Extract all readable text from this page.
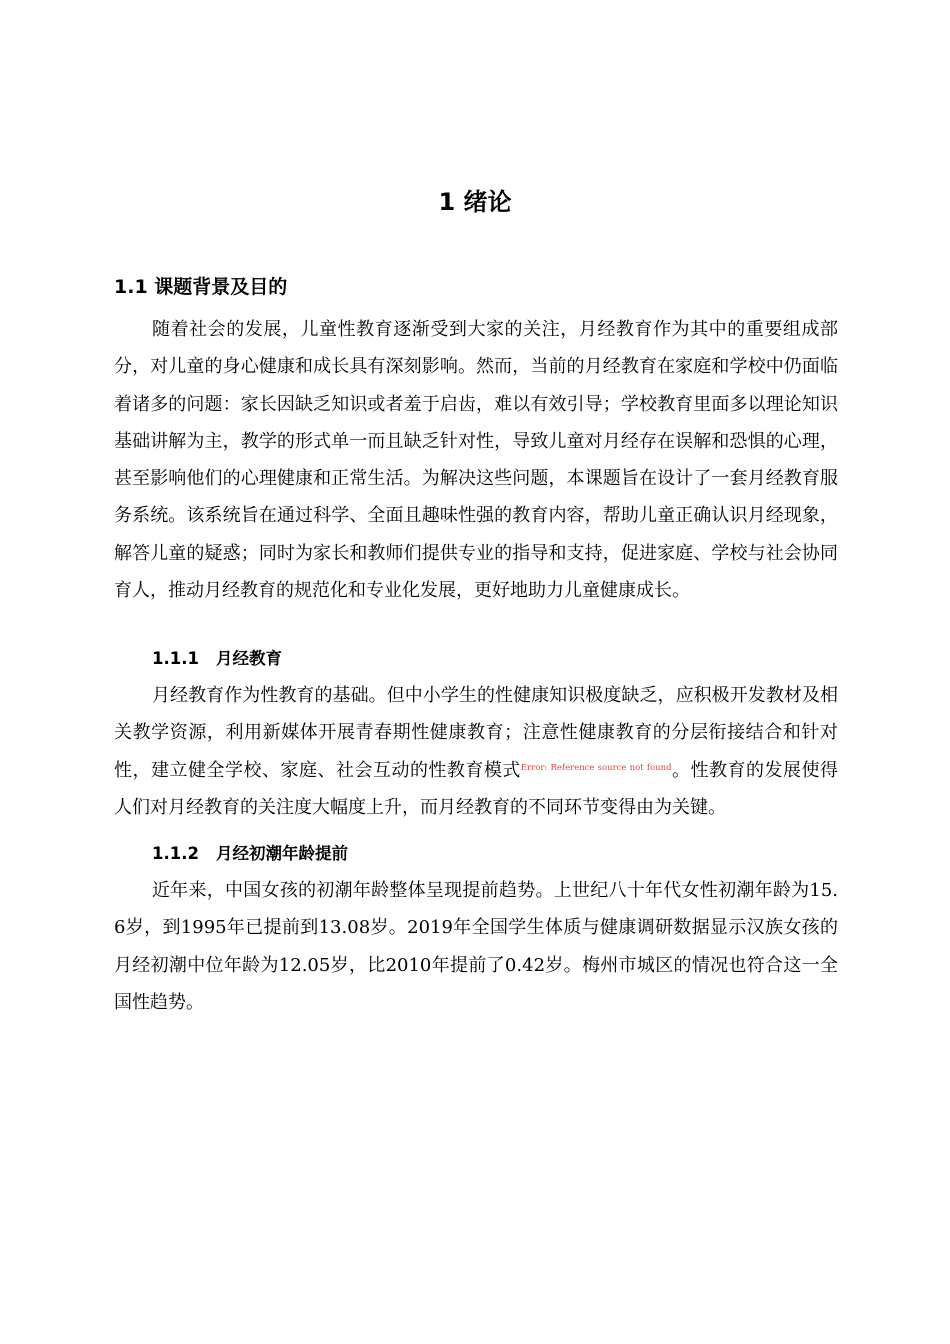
1 绪论
1.1 课题背景及目的

随着社会的发展，儿童性教育逐渐受到大家的关注，月经教育作为其中的重要组成部分，对儿童的身心健康和成长具有深刻影响。然而，当前的月经教育在家庭和学校中仍面临着诸多的问题：家长因缺乏知识或者羞于启齿，难以有效引导；学校教育里面多以理论知识基础讲解为主，教学的形式单一而且缺乏针对性，导致儿童对月经存在误解和恐惧的心理，甚至影响他们的心理健康和正常生活。为解决这些问题，本课题旨在设计了一套月经教育服务系统。该系统旨在通过科学、全面且趣味性强的教育内容，帮助儿童正确认识月经现象，解答儿童的疑惑；同时为家长和教师们提供专业的指导和支持，促进家庭、学校与社会协同育人，推动月经教育的规范化和专业化发展，更好地助力儿童健康成长。

1.1.1 月经教育

月经教育作为性教育的基础。但中小学生的性健康知识极度缺乏，应积极开发教材及相关教学资源，利用新媒体开展青春期性健康教育；注意性健康教育的分层衔接结合和针对性，建立健全学校、家庭、社会互动的性教育模式$^{Error: Reference source not found}$。性教育的发展使得人们对月经教育的关注度大幅度上升，而月经教育的不同环节变得由为关键。

1.1.2 月经初潮年龄提前

近年来，中国女孩的初潮年龄整体呈现提前趋势。上世纪八十年代女性初潮年龄为15.6岁，到1995年已提前到13.08岁。2019年全国学生体质与健康调研数据显示汉族女孩的月经初潮中位年龄为12.05岁，比2010年提前了0.42岁。梅州市城区的情况也符合这一全国性趋势。
